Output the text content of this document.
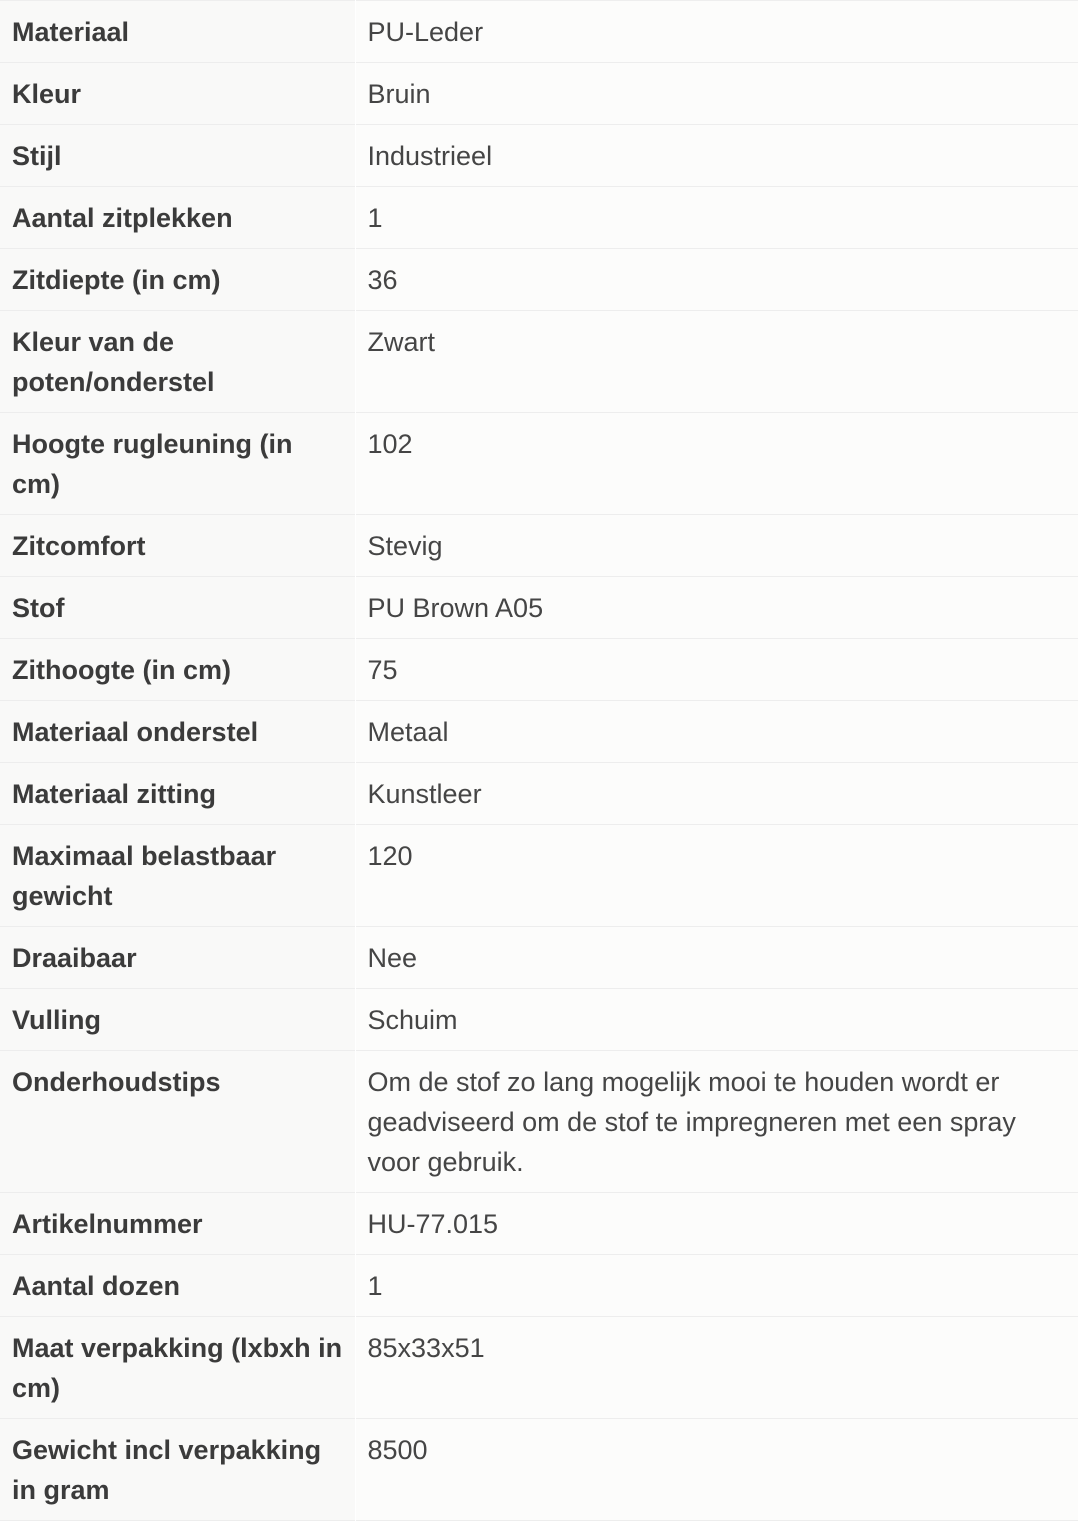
Materiaal	PU-Leder
Kleur	Bruin
Stijl	Industrieel
Aantal zitplekken	1
Zitdiepte (in cm)	36
Kleur van de poten/onderstel	Zwart
Hoogte rugleuning (in cm)	102
Zitcomfort	Stevig
Stof	PU Brown A05
Zithoogte (in cm)	75
Materiaal onderstel	Metaal
Materiaal zitting	Kunstleer
Maximaal belastbaar gewicht	120
Draaibaar	Nee
Vulling	Schuim
Onderhoudstips	Om de stof zo lang mogelijk mooi te houden wordt er geadviseerd om de stof te impregneren met een spray voor gebruik.
Artikelnummer	HU-77.015
Aantal dozen	1
Maat verpakking (lxbxh in cm)	85x33x51
Gewicht incl verpakking in gram	8500
